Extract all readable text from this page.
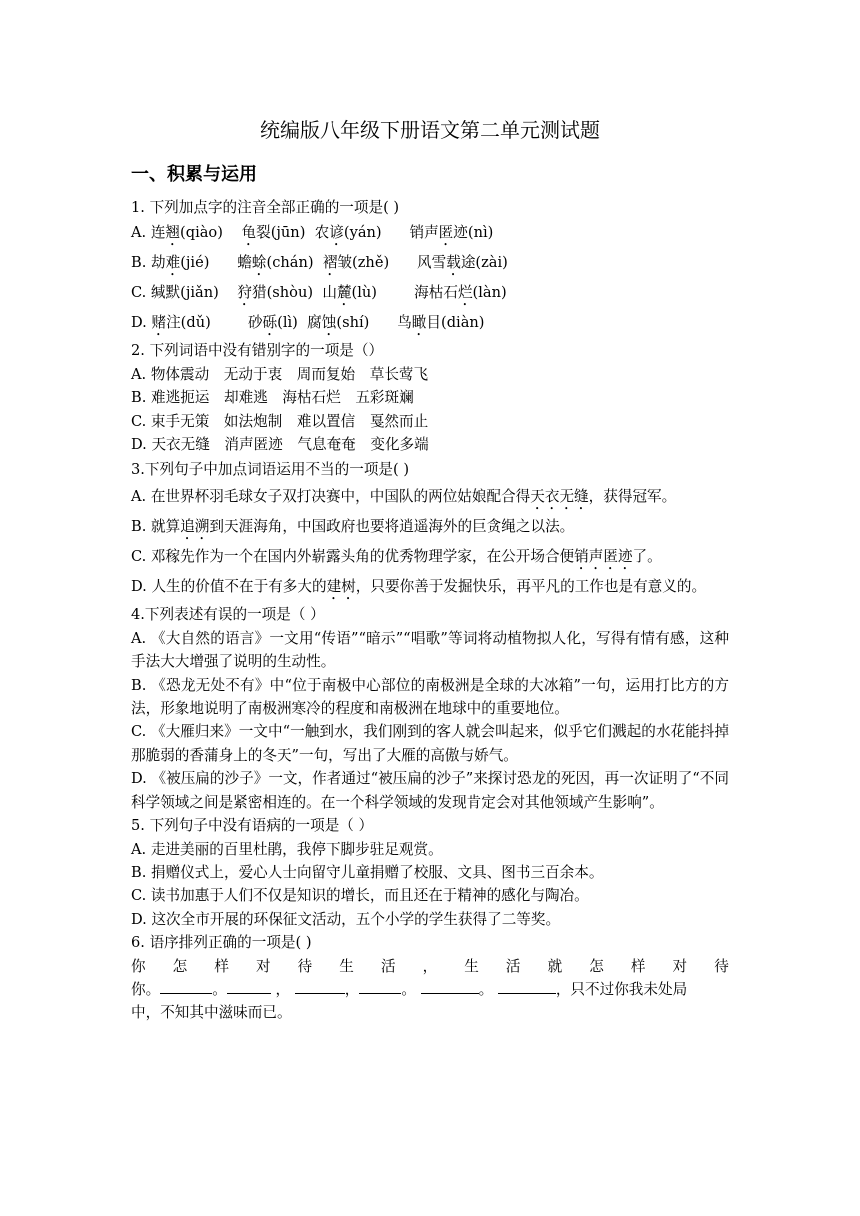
统编版八年级下册语文第二单元测试题
一、积累与运用
1. 下列加点字的注音全部正确的一项是( )
A. 连翘(qiào) 龟裂(jūn)  农谚(yán) 销声匿迹(nì)
B. 劫难(jié) 蟾蜍(chán) 褶皱(zhě) 风雪载途(zài)
C. 缄默(jiǎn) 狩猎(shòu) 山麓(lù)	海枯石烂(làn)
D. 赌注(dǔ)	砂砾(lì) 腐蚀(shí) 鸟瞰目(diàn)
2. 下列词语中没有错别字的一项是（）
A. 物体震动　无动于衷　周而复始　草长莺飞
B. 难逃扼运　却难逃　海枯石烂　五彩斑斓
C. 束手无策　如法炮制　难以置信　戛然而止
D. 天衣无缝　消声匿迹　气息奄奄　变化多端
3.下列句子中加点词语运用不当的一项是( )

A. 在世界杯羽毛球女子双打决赛中，中国队的两位姑娘配合得天衣无缝，获得冠军。

B. 就算追溯到天涯海角，中国政府也要将逍遥海外的巨贪绳之以法。

C. 邓稼先作为一个在国内外崭露头角的优秀物理学家，在公开场合便销声匿迹了。

D. 人生的价值不在于有多大的建树，只要你善于发掘快乐，再平凡的工作也是有意义的。

4.下列表述有误的一项是（ ）

A. 《大自然的语言》一文用“传语”“暗示”“唱歌”等词将动植物拟人化，写得有情有感，这种手法大大增强了说明的生动性。

B. 《恐龙无处不有》中“位于南极中心部位的南极洲是全球的大冰箱”一句，运用打比方的方法，形象地说明了南极洲寒冷的程度和南极洲在地球中的重要地位。

C. 《大雁归来》一文中“一触到水，我们刚到的客人就会叫起来，似乎它们溅起的水花能抖掉那脆弱的香蒲身上的冬天”一句，写出了大雁的高傲与娇气。

D. 《被压扁的沙子》一文，作者通过“被压扁的沙子”来探讨恐龙的死因，再一次证明了“不同科学领域之间是紧密相连的。在一个科学领域的发现肯定会对其他领域产生影响”。

5. 下列句子中没有语病的一项是（ ）
A. 走进美丽的百里杜鹃，我停下脚步驻足观赏。
B. 捐赠仪式上，爱心人士向留守儿童捐赠了校服、文具、图书三百余本。
C. 读书加惠于人们不仅是知识的增长，而且还在于精神的感化与陶冶。
D. 这次全市开展的环保征文活动，五个小学的学生获得了二等奖。
6. 语序排列正确的一项是( )
你 怎 样 对 待 生 活 ， 生 活 就 怎 样 对 待
你。	。	，	，	。	。	，只不过你我未处局
中，不知其中滋味而已。
